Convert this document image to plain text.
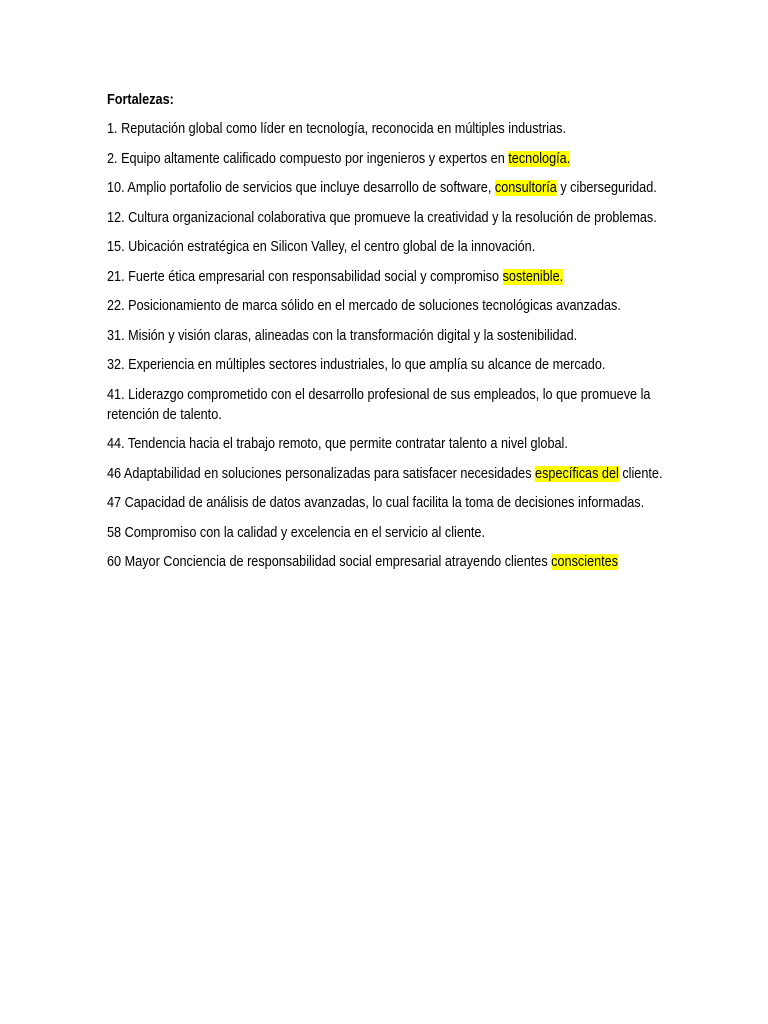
Fortalezas:

1. Reputación global como líder en tecnología, reconocida en múltiples industrias.

2. Equipo altamente calificado compuesto por ingenieros y expertos en tecnología.

10. Amplio portafolio de servicios que incluye desarrollo de software, consultoría y ciberseguridad.

12. Cultura organizacional colaborativa que promueve la creatividad y la resolución de problemas.

15. Ubicación estratégica en Silicon Valley, el centro global de la innovación.

21. Fuerte ética empresarial con responsabilidad social y compromiso sostenible.

22. Posicionamiento de marca sólido en el mercado de soluciones tecnológicas avanzadas.

31. Misión y visión claras, alineadas con la transformación digital y la sostenibilidad.

32. Experiencia en múltiples sectores industriales, lo que amplía su alcance de mercado.

41. Liderazgo comprometido con el desarrollo profesional de sus empleados, lo que promueve la retención de talento.

44. Tendencia hacia el trabajo remoto, que permite contratar talento a nivel global.

46 Adaptabilidad en soluciones personalizadas para satisfacer necesidades específicas del cliente.

47 Capacidad de análisis de datos avanzadas, lo cual facilita la toma de decisiones informadas.

58 Compromiso con la calidad y excelencia en el servicio al cliente.

60 Mayor Conciencia de responsabilidad social empresarial atrayendo clientes conscientes
